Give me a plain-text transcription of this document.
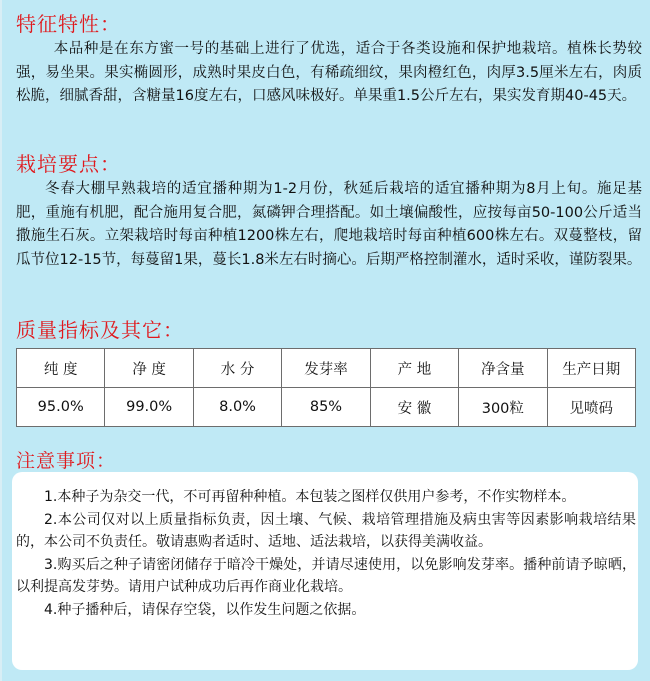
特征特性：

本品种是在东方蜜一号的基础上进行了优选，适合于各类设施和保护地栽培。植株长势较强，易坐果。果实椭圆形，成熟时果皮白色，有稀疏细纹，果肉橙红色，肉厚3.5厘米左右，肉质松脆，细腻香甜，含糖量16度左右，口感风味极好。单果重1.5公斤左右，果实发育期40-45天。

栽培要点：

冬春大棚早熟栽培的适宜播种期为1-2月份，秋延后栽培的适宜播种期为8月上旬。施足基肥，重施有机肥，配合施用复合肥，氮磷钾合理搭配。如土壤偏酸性，应按每亩50-100公斤适当撒施生石灰。立架栽培时每亩种植1200株左右，爬地栽培时每亩种植600株左右。双蔓整枝，留瓜节位12-15节，每蔓留1果，蔓长1.8米左右时摘心。后期严格控制灌水，适时采收，谨防裂果。

质量指标及其它：
纯 度	净 度	水 分	发芽率	产 地	净含量	生产日期
95.0%	99.0%	8.0%	85%	安 徽	300粒	见喷码
注意事项：

1.本种子为杂交一代，不可再留种种植。本包装之图样仅供用户参考，不作实物样本。

2.本公司仅对以上质量指标负责，因土壤、气候、栽培管理措施及病虫害等因素影响栽培结果的，本公司不负责任。敬请惠购者适时、适地、适法栽培，以获得美满收益。

3.购买后之种子请密闭储存于暗冷干燥处，并请尽速使用，以免影响发芽率。播种前请予晾晒，以利提高发芽势。请用户试种成功后再作商业化栽培。

4.种子播种后，请保存空袋，以作发生问题之依据。
